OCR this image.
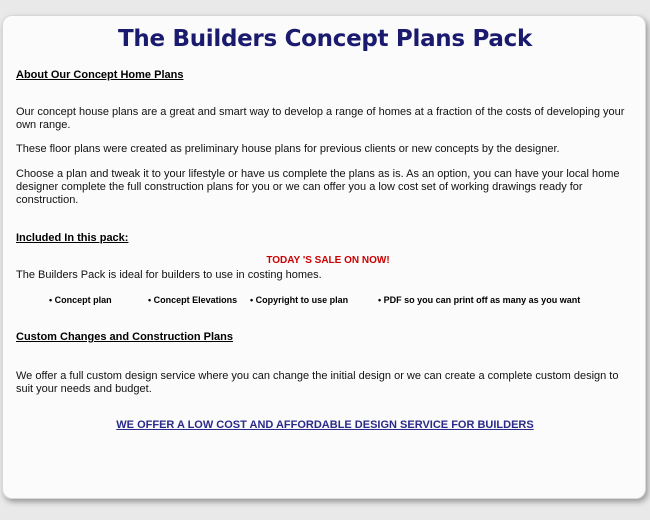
The Builders Concept Plans Pack
About Our Concept Home Plans
Our concept house plans are a great and smart way to develop a range of homes at a fraction of the costs of developing your own range.
These floor plans were created as preliminary house plans for previous clients or new concepts by the designer.
Choose a plan and tweak it to your lifestyle or have us complete the plans as is. As an option, you can have your local home designer complete the full construction plans for you or we can offer you a low cost set of working drawings ready for construction.
Included In this pack:
TODAY 'S SALE ON NOW!
The Builders Pack is ideal for builders to use in costing homes.
• Concept plan	• Concept Elevations • Copyright to use plan	• PDF so you can print off as many as you want
Custom Changes and Construction Plans
We offer a full custom design service where you can change the initial design or we can create a complete custom design to suit your needs and budget.
WE OFFER A LOW COST AND AFFORDABLE DESIGN SERVICE FOR BUILDERS
